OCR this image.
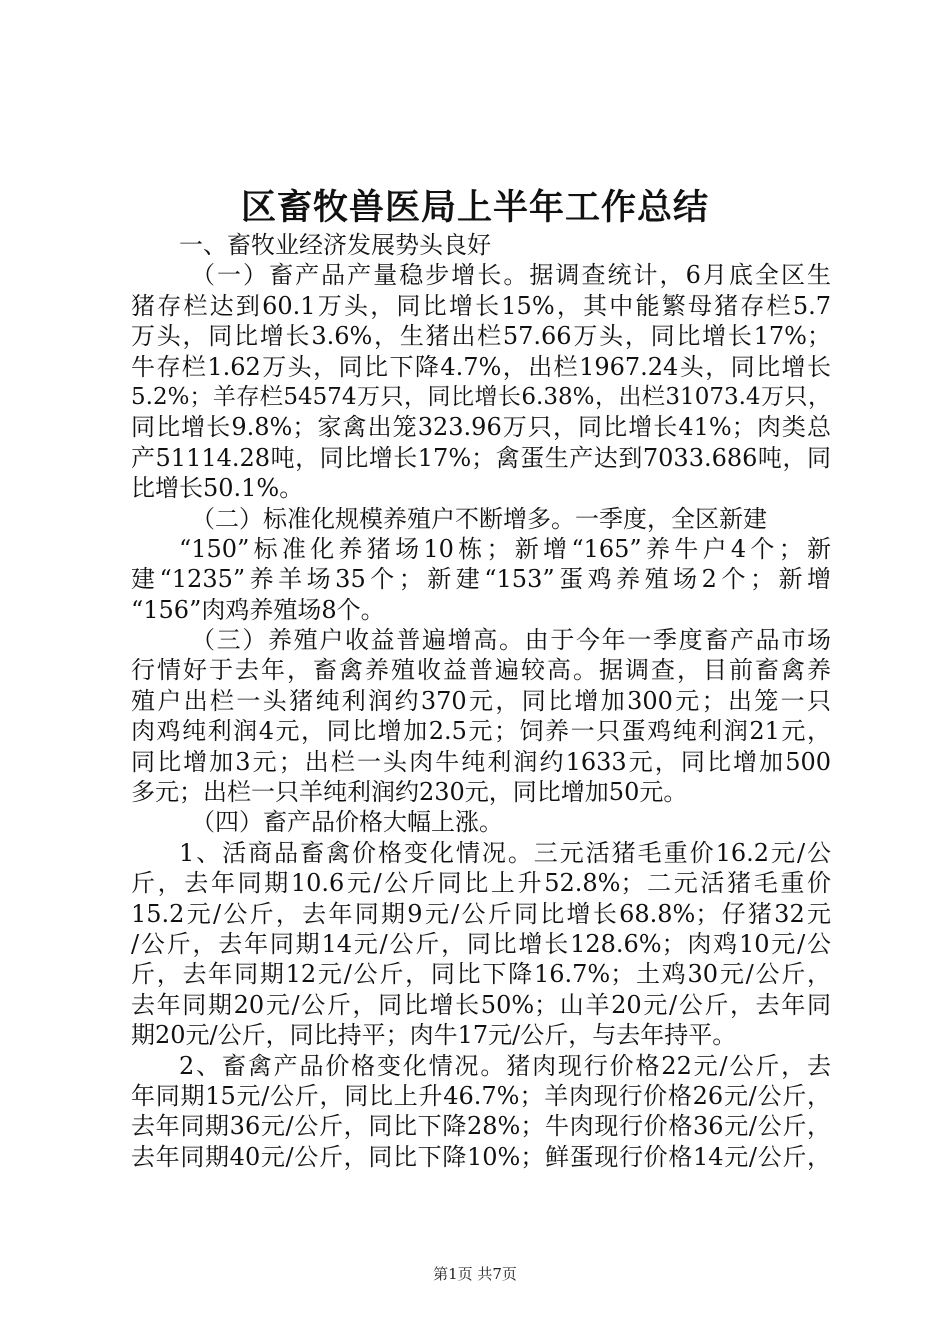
区畜牧兽医局上半年工作总结
一、畜牧业经济发展势头良好
（一）畜产品产量稳步增长。据调查统计，6月底全区生
猪存栏达到60.1万头，同比增长15%，其中能繁母猪存栏5.7
万头，同比增长3.6%，生猪出栏57.66万头，同比增长17%；
牛存栏1.62万头，同比下降4.7%，出栏1967.24头，同比增长
5.2%；羊存栏54574万只，同比增长6.38%，出栏31073.4万只，
同比增长9.8%；家禽出笼323.96万只，同比增长41%；肉类总
产51114.28吨，同比增长17%；禽蛋生产达到7033.686吨，同
比增长50.1%。
（二）标准化规模养殖户不断增多。一季度，全区新建
“150”标准化养猪场10栋；新增“165”养牛户4个；新
建“1235”养羊场35个；新建“153”蛋鸡养殖场2个；新增
“156”肉鸡养殖场8个。
（三）养殖户收益普遍增高。由于今年一季度畜产品市场
行情好于去年，畜禽养殖收益普遍较高。据调查，目前畜禽养
殖户出栏一头猪纯利润约370元，同比增加300元；出笼一只
肉鸡纯利润4元，同比增加2.5元；饲养一只蛋鸡纯利润21元，
同比增加3元；出栏一头肉牛纯利润约1633元，同比增加500
多元；出栏一只羊纯利润约230元，同比增加50元。
（四）畜产品价格大幅上涨。
1、活商品畜禽价格变化情况。三元活猪毛重价16.2元/公
斤，去年同期10.6元/公斤同比上升52.8%；二元活猪毛重价
15.2元/公斤，去年同期9元/公斤同比增长68.8%；仔猪32元
/公斤，去年同期14元/公斤，同比增长128.6%；肉鸡10元/公
斤，去年同期12元/公斤，同比下降16.7%；土鸡30元/公斤，
去年同期20元/公斤，同比增长50%；山羊20元/公斤，去年同
期20元/公斤，同比持平；肉牛17元/公斤，与去年持平。
2、畜禽产品价格变化情况。猪肉现行价格22元/公斤，去
年同期15元/公斤，同比上升46.7%；羊肉现行价格26元/公斤，
去年同期36元/公斤，同比下降28%；牛肉现行价格36元/公斤，
去年同期40元/公斤，同比下降10%；鲜蛋现行价格14元/公斤，
第1页 共7页
